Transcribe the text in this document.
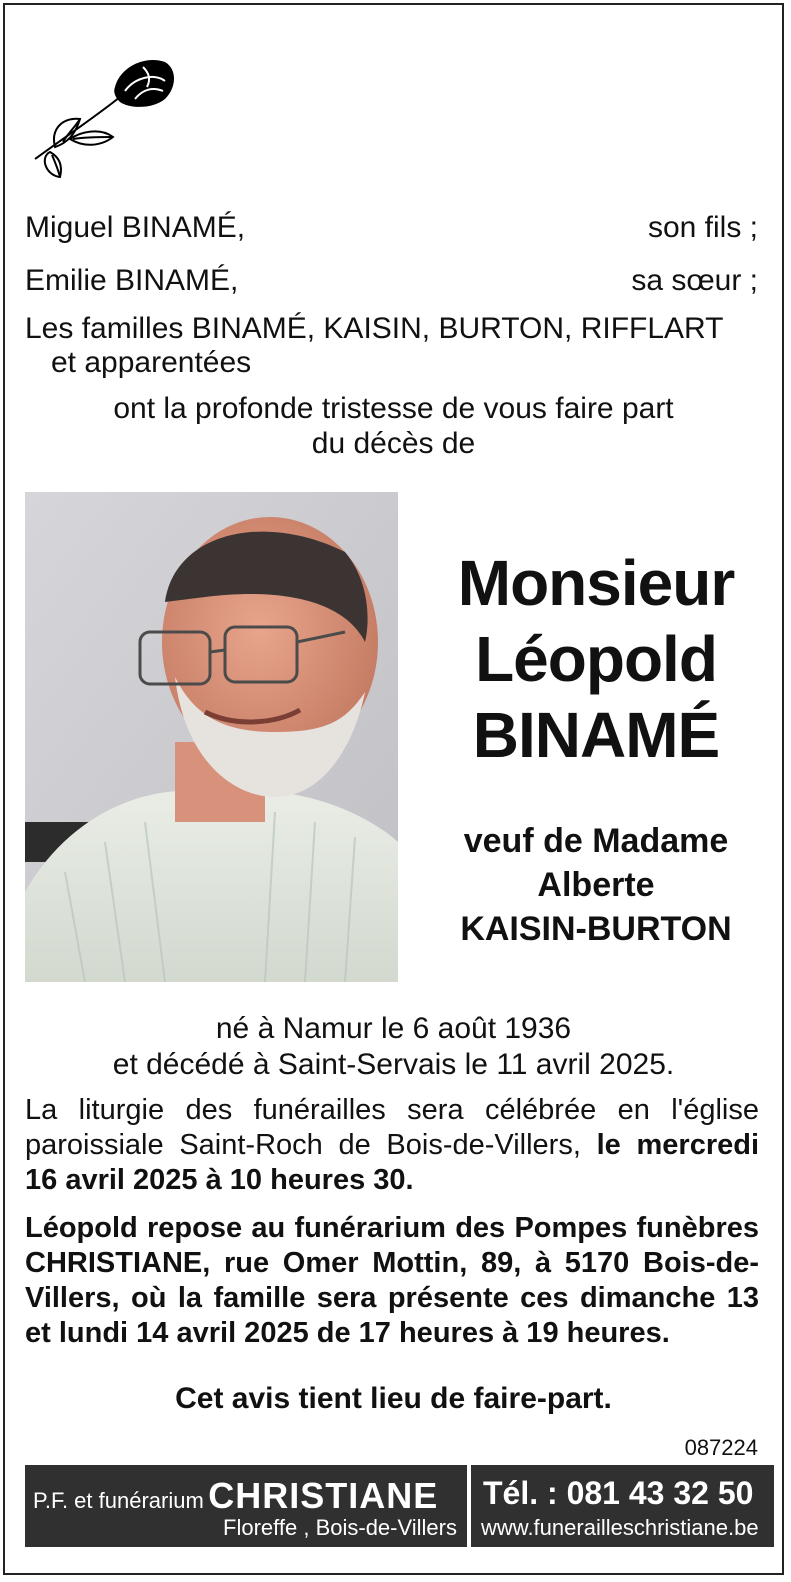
Miguel BINAMÉ,	son fils ;
Emilie BINAMÉ,	sa sœur ;
Les familles BINAMÉ, KAISIN, BURTON, RIFFLART
et apparentées
ont la profonde tristesse de vous faire part
du décès de
Monsieur
Léopold
BINAMÉ
veuf de Madame
Alberte
KAISIN-BURTON
né à Namur le 6 août 1936
et décédé à Saint-Servais le 11 avril 2025.
La liturgie des funérailles sera célébrée en l'église paroissiale Saint-Roch de Bois-de-Villers, le mercredi 16 avril 2025 à 10 heures 30.
Léopold repose au funérarium des Pompes funèbres CHRISTIANE, rue Omer Mottin, 89, à 5170 Bois-de-Villers, où la famille sera présente ces dimanche 13 et lundi 14 avril 2025 de 17 heures à 19 heures.
Cet avis tient lieu de faire-part.
087224
P.F. et funérarium CHRISTIANE
Floreffe , Bois-de-Villers
Tél. : 081 43 32 50
www.funerailleschristiane.be
